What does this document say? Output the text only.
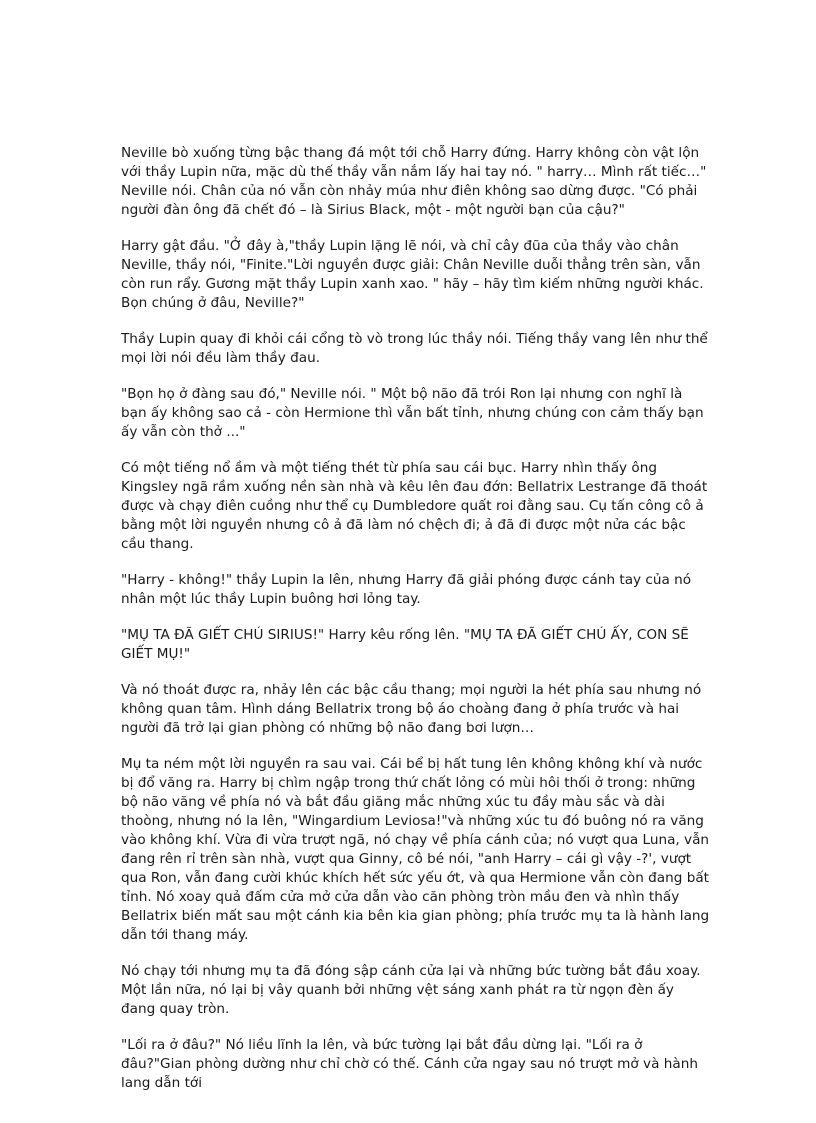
Neville bò xuống từng bậc thang đá một tới chỗ Harry đứng. Harry không còn vật lộn với thầy Lupin nữa, mặc dù thế thầy vẫn nắm lấy hai tay nó. " harry… Mình rất tiếc…" Neville nói. Chân của nó vẫn còn nhảy múa như điên không sao dừng được. "Có phải người đàn ông đã chết đó – là Sirius Black, một - một người bạn của cậu?"

Harry gật đầu. "Ở đây à,"thầy Lupin lặng lẽ nói, và chỉ cây đũa của thầy vào chân Neville, thầy nói, "Finite."Lời nguyền được giải: Chân Neville duỗi thẳng trên sàn, vẫn còn run rẩy. Gương mặt thầy Lupin xanh xao. " hãy – hãy tìm kiếm những người khác. Bọn chúng ở đâu, Neville?"

Thầy Lupin quay đi khỏi cái cổng tò vò trong lúc thầy nói. Tiếng thầy vang lên như thể mọi lời nói đều làm thầy đau.

"Bọn họ ở đàng sau đó," Neville nói. " Một bộ não đã trói Ron lại nhưng con nghĩ là bạn ấy không sao cả - còn Hermione thì vẫn bất tỉnh, nhưng chúng con cảm thấy bạn ấy vẫn còn thở ..."

Có một tiếng nổ ầm và một tiếng thét từ phía sau cái bục. Harry nhìn thấy ông Kingsley ngã rầm xuống nền sàn nhà và kêu lên đau đớn: Bellatrix Lestrange đã thoát được và chạy điên cuồng như thể cụ Dumbledore quất roi đằng sau. Cụ tấn công cô ả bằng một lời nguyền nhưng cô ả đã làm nó chệch đi; ả đã đi được một nửa các bậc cầu thang.

"Harry - không!" thầy Lupin la lên, nhưng Harry đã giải phóng được cánh tay của nó nhân một lúc thầy Lupin buông hơi lỏng tay.

"MỤ TA ĐÃ GIẾT CHÚ SIRIUS!" Harry kêu rống lên. "MỤ TA ĐÃ GIẾT CHÚ ẤY, CON SẼ GIẾT MỤ!"

Và nó thoát được ra, nhảy lên các bậc cầu thang; mọi người la hét phía sau nhưng nó không quan tâm. Hình dáng Bellatrix trong bộ áo choàng đang ở phía trước và hai người đã trở lại gian phòng có những bộ não đang bơi lượn…

Mụ ta ném một lời nguyền ra sau vai. Cái bể bị hất tung lên không không khí và nước bị đổ văng ra. Harry bị chìm ngập trong thứ chất lỏng có mùi hôi thối ở trong: những bộ não văng về phía nó và bắt đầu giăng mắc những xúc tu đầy màu sắc và dài thoòng, nhưng nó la lên, "Wingardium Leviosa!"và những xúc tu đó buông nó ra văng vào không khí. Vừa đi vừa trượt ngã, nó chạy về phía cánh của; nó vượt qua Luna, vẫn đang rên rỉ trên sàn nhà, vượt qua Ginny, cô bé nói, "anh Harry – cái gì vậy -?', vượt qua Ron, vẫn đang cười khúc khích hết sức yếu ớt, và qua Hermione vẫn còn đang bất tỉnh. Nó xoay quả đấm cửa mở cửa dẫn vào căn phòng tròn mầu đen và nhìn thấy Bellatrix biến mất sau một cánh kia bên kia gian phòng; phía trước mụ ta là hành lang dẫn tới thang máy.

Nó chạy tới nhưng mụ ta đã đóng sập cánh cửa lại và những bức tường bắt đầu xoay. Một lần nữa, nó lại bị vây quanh bởi những vệt sáng xanh phát ra từ ngọn đèn ấy đang quay tròn.

"Lối ra ở đâu?" Nó liều lĩnh la lên, và bức tường lại bắt đầu dừng lại. "Lối ra ở đâu?"Gian phòng dường như chỉ chờ có thế. Cánh cửa ngay sau nó trượt mở và hành lang dẫn tới
